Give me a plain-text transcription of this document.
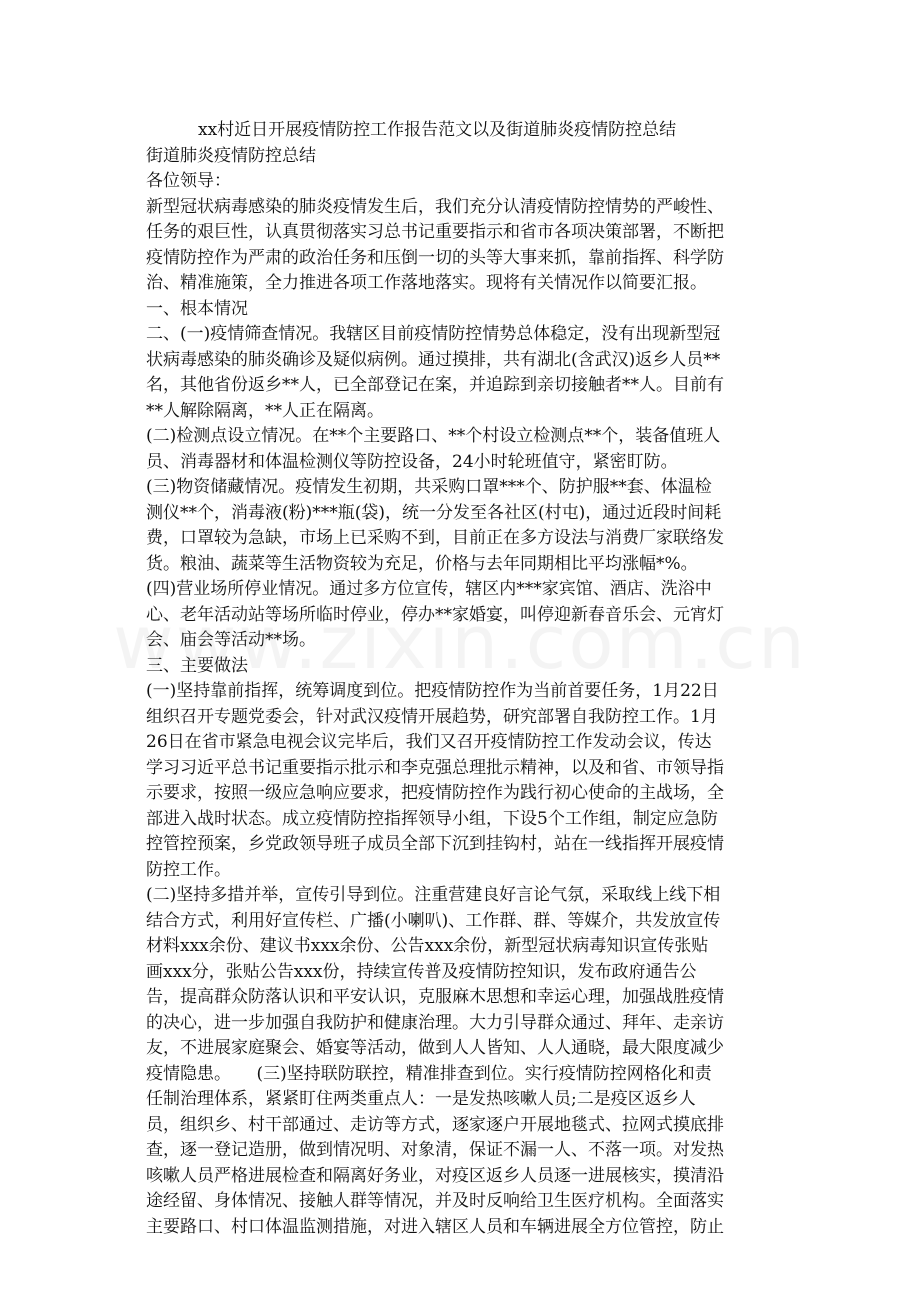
xx村近日开展疫情防控工作报告范文以及街道肺炎疫情防控总结
街道肺炎疫情防控总结
各位领导：
新型冠状病毒感染的肺炎疫情发生后，我们充分认清疫情防控情势的严峻性、
任务的艰巨性，认真贯彻落实习总书记重要指示和省市各项决策部署，不断把
疫情防控作为严肃的政治任务和压倒一切的头等大事来抓，靠前指挥、科学防
治、精准施策，全力推进各项工作落地落实。现将有关情况作以简要汇报。
一、根本情况
二、(一)疫情筛查情况。我辖区目前疫情防控情势总体稳定，没有出现新型冠
状病毒感染的肺炎确诊及疑似病例。通过摸排，共有湖北(含武汉)返乡人员**
名，其他省份返乡**人，已全部登记在案，并追踪到亲切接触者**人。目前有
**人解除隔离，**人正在隔离。
(二)检测点设立情况。在**个主要路口、**个村设立检测点**个，装备值班人
员、消毒器材和体温检测仪等防控设备，24小时轮班值守，紧密盯防。
(三)物资储藏情况。疫情发生初期，共采购口罩***个、防护服**套、体温检
测仪**个，消毒液(粉)***瓶(袋)，统一分发至各社区(村屯)，通过近段时间耗
费，口罩较为急缺，市场上已采购不到，目前正在多方设法与消费厂家联络发
货。粮油、蔬菜等生活物资较为充足，价格与去年同期相比平均涨幅*%。
(四)营业场所停业情况。通过多方位宣传，辖区内***家宾馆、酒店、洗浴中
心、老年活动站等场所临时停业，停办**家婚宴，叫停迎新春音乐会、元宵灯
会、庙会等活动**场。
三、主要做法
(一)坚持靠前指挥，统筹调度到位。把疫情防控作为当前首要任务，1月22日
组织召开专题党委会，针对武汉疫情开展趋势，研究部署自我防控工作。1月
26日在省市紧急电视会议完毕后，我们又召开疫情防控工作发动会议，传达
学习习近平总书记重要指示批示和李克强总理批示精神，以及和省、市领导指
示要求，按照一级应急响应要求，把疫情防控作为践行初心使命的主战场，全
部进入战时状态。成立疫情防控指挥领导小组，下设5个工作组，制定应急防
控管控预案，乡党政领导班子成员全部下沉到挂钩村，站在一线指挥开展疫情
防控工作。
(二)坚持多措并举，宣传引导到位。注重营建良好言论气氛，采取线上线下相
结合方式，利用好宣传栏、广播(小喇叭)、工作群、群、等媒介，共发放宣传
材料xxx余份、建议书xxx余份、公告xxx余份，新型冠状病毒知识宣传张贴
画xxx分，张贴公告xxx份，持续宣传普及疫情防控知识，发布政府通告公
告，提高群众防落认识和平安认识，克服麻木思想和幸运心理，加强战胜疫情
的决心，进一步加强自我防护和健康治理。大力引导群众通过、拜年、走亲访
友，不进展家庭聚会、婚宴等活动，做到人人皆知、人人通晓，最大限度减少
疫情隐患。　　(三)坚持联防联控，精准排查到位。实行疫情防控网格化和责
任制治理体系，紧紧盯住两类重点人：一是发热咳嗽人员;二是疫区返乡人
员，组织乡、村干部通过、走访等方式，逐家逐户开展地毯式、拉网式摸底排
查，逐一登记造册，做到情况明、对象清，保证不漏一人、不落一项。对发热
咳嗽人员严格进展检查和隔离好务业，对疫区返乡人员逐一进展核实，摸清沿
途经留、身体情况、接触人群等情况，并及时反响给卫生医疗机构。全面落实
主要路口、村口体温监测措施，对进入辖区人员和车辆进展全方位管控，防止
